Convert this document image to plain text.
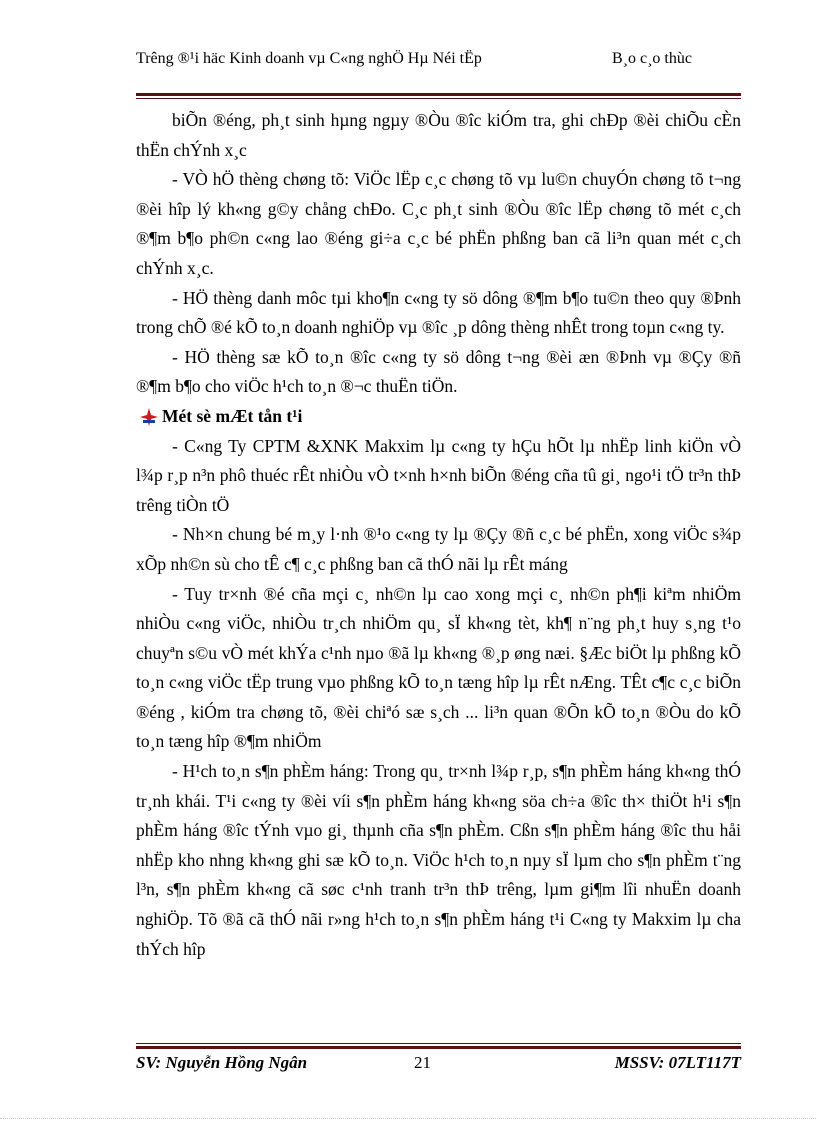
Trêng ®¹i häc Kinh doanh vµ C«ng nghÖ Hµ Néi tËp	B¸o c¸o thùc

biÕn ®éng, ph¸t sinh hµng ngµy ®Òu ®îc kiÓm tra, ghi chÐp ®èi chiÕu cÈn thËn chÝnh x¸c

- VÒ hÖ thèng chøng tõ: ViÖc lËp c¸c chøng tõ vµ lu©n chuyÓn chøng tõ t¬ng ®èi hîp lý kh«ng g©y chång chÐo. C¸c ph¸t sinh ®Òu ®îc lËp chøng tõ mét c¸ch ®¶m b¶o ph©n c«ng lao ®éng gi÷a c¸c bé phËn phßng ban cã li³n quan mét c¸ch chÝnh x¸c.

- HÖ thèng danh môc tµi kho¶n c«ng ty sö dông ®¶m b¶o tu©n theo quy ®Þnh trong chÕ ®é kÕ to¸n doanh nghiÖp vµ ®îc ¸p dông thèng nhÊt trong toµn c«ng ty.

- HÖ thèng sæ kÕ to¸n ®îc c«ng ty sö dông t¬ng ®èi æn ®Þnh vµ ®Çy ®ñ ®¶m b¶o cho viÖc h¹ch to¸n ®¬c thuËn tiÖn.

Mét sè mÆt tån t¹i

- C«ng Ty CPTM &XNK Makxim lµ c«ng ty hÇu hÕt lµ nhËp linh kiÖn vÒ l¾p r¸p n³n phô thuéc rÊt nhiÒu vÒ t×nh h×nh biÕn ®éng cña tû gi¸ ngo¹i tÖ tr³n thÞ trêng tiÒn tÖ

- Nh×n chung bé m¸y l·nh ®¹o c«ng ty lµ ®Çy ®ñ c¸c bé phËn, xong viÖc s¾p xÕp nh©n sù cho tÊ c¶ c¸c phßng ban cã thÓ nãi lµ rÊt máng

- Tuy tr×nh ®é cña mçi c¸ nh©n lµ cao xong mçi c¸ nh©n ph¶i kiªm nhiÖm nhiÒu c«ng viÖc, nhiÒu tr¸ch nhiÖm qu¸ sÏ kh«ng tèt, kh¶ n¨ng ph¸t huy s¸ng t¹o chuyªn s©u vÒ mét khÝa c¹nh nµo ®ã lµ kh«ng ®¸p øng næi. §Æc biÖt lµ phßng kÕ to¸n c«ng viÖc tËp trung vµo phßng kÕ to¸n tæng hîp lµ rÊt nÆng. TÊt c¶c c¸c biÕn ®éng , kiÓm tra chøng tõ, ®èi chiªó sæ s¸ch ... li³n quan ®Õn kÕ to¸n ®Òu do kÕ to¸n tæng hîp ®¶m nhiÖm

- H¹ch to¸n s¶n phÈm háng: Trong qu¸ tr×nh l¾p r¸p, s¶n phÈm háng kh«ng thÓ tr¸nh khái. T¹i c«ng ty ®èi víi s¶n phÈm háng kh«ng söa ch÷a ®îc th× thiÖt h¹i s¶n phÈm háng ®îc tÝnh vµo gi¸ thµnh cña s¶n phÈm. Cßn s¶n phÈm háng ®îc thu håi nhËp kho nhng kh«ng ghi sæ kÕ to¸n. ViÖc h¹ch to¸n nµy sÏ lµm cho s¶n phÈm t¨ng l³n, s¶n phÈm kh«ng cã søc c¹nh tranh tr³n thÞ trêng, lµm gi¶m lîi nhuËn doanh nghiÖp. Tõ ®ã cã thÓ nãi r»ng h¹ch to¸n s¶n phÈm háng t¹i C«ng ty Makxim lµ cha thÝch hîp

SV: Nguyễn Hồng Ngân	21	MSSV: 07LT117T
